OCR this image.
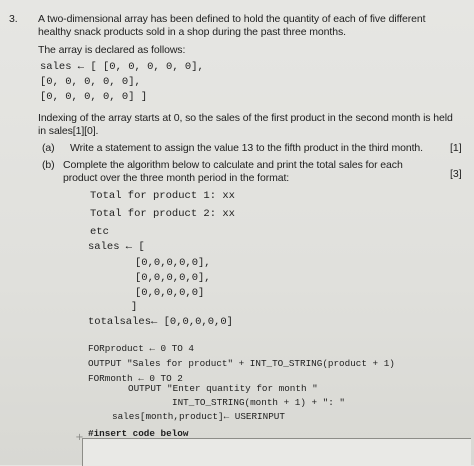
3. A two-dimensional array has been defined to hold the quantity of each of five different
healthy snack products sold in a shop during the past three months.
The array is declared as follows:
sales ← [ [0, 0, 0, 0, 0],
[0, 0, 0, 0, 0],
[0, 0, 0, 0, 0] ]
Indexing of the array starts at 0, so the sales of the first product in the second month is held
in sales[1][0].
(a) Write a statement to assign the value 13 to the fifth product in the third month.	[1]
(b) Complete the algorithm below to calculate and print the total sales for each
product over the three month period in the format:	[3]
Total for product 1: xx
Total for product 2: xx
etc
sales ← [
[0,0,0,0,0],
[0,0,0,0,0],
[0,0,0,0,0]
]
totalsales← [0,0,0,0,0]
FORproduct ← 0 TO 4
OUTPUT "Sales for product" + INT_TO_STRING(product + 1)
FORmonth ← 0 TO 2
OUTPUT "Enter quantity for month "
INT_TO_STRING(month + 1) + ": "
sales[month,product]← USERINPUT
+ #insert code below
